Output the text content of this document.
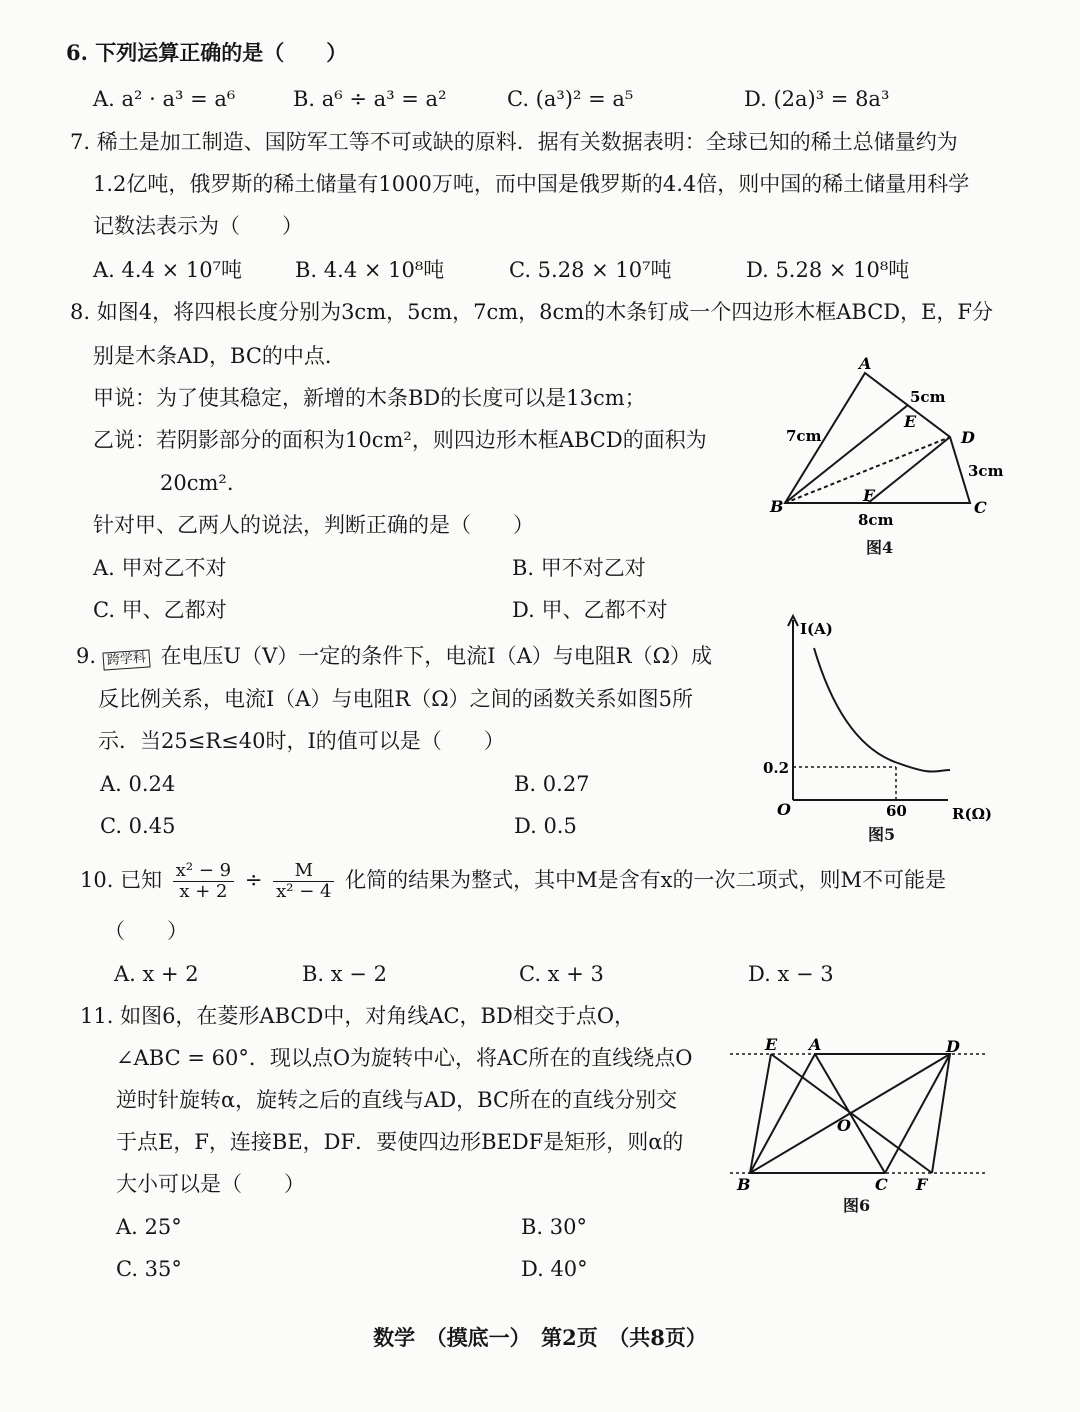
6. 下列运算正确的是（　　）
A. a² · a³ = a⁶	B. a⁶ ÷ a³ = a²	C. (a³)² = a⁵	D. (2a)³ = 8a³
7. 稀土是加工制造、国防军工等不可或缺的原料．据有关数据表明：全球已知的稀土总储量约为
1.2亿吨，俄罗斯的稀土储量有1000万吨，而中国是俄罗斯的4.4倍，则中国的稀土储量用科学
记数法表示为（　　）
A. 4.4 × 10⁷吨	B. 4.4 × 10⁸吨	C. 5.28 × 10⁷吨	D. 5.28 × 10⁸吨
8. 如图4，将四根长度分别为3cm，5cm，7cm，8cm的木条钉成一个四边形木框ABCD，E，F分
别是木条AD，BC的中点．
甲说：为了使其稳定，新增的木条BD的长度可以是13cm；
乙说：若阴影部分的面积为10cm²，则四边形木框ABCD的面积为
20cm².
针对甲、乙两人的说法，判断正确的是（　　）
A. 甲对乙不对	B. 甲不对乙对
C. 甲、乙都对	D. 甲、乙都不对
A
B	C
D
E
F
5cm
7cm
3cm
8cm
图4
9. 跨学科 在电压U（V）一定的条件下，电流I（A）与电阻R（Ω）成
反比例关系，电流I（A）与电阻R（Ω）之间的函数关系如图5所
示．当25≤R≤40时，I的值可以是（　　）
A. 0.24	B. 0.27
C. 0.45	D. 0.5
I(A)
R(Ω)
O
0.2
60
图5
10. 已知 $\frac{\text{x² − 9}}{x + 2} \div \frac{M}{\text{x² − 4}}$ 化简的结果为整式，其中M是含有x的一次二项式，则M不可能是
（　　）
A. x + 2	B. x − 2	C. x + 3	D. x − 3
11. 如图6，在菱形ABCD中，对角线AC，BD相交于点O，
∠ABC = 60°．现以点O为旋转中心，将AC所在的直线绕点O
逆时针旋转α，旋转之后的直线与AD，BC所在的直线分别交
于点E，F，连接BE，DF．要使四边形BEDF是矩形，则α的
大小可以是（　　）
A. 25°	B. 30°
C. 35°	D. 40°
E A	D
O
B	C F
图6
数学　（摸底一）　第2页　（共8页）
